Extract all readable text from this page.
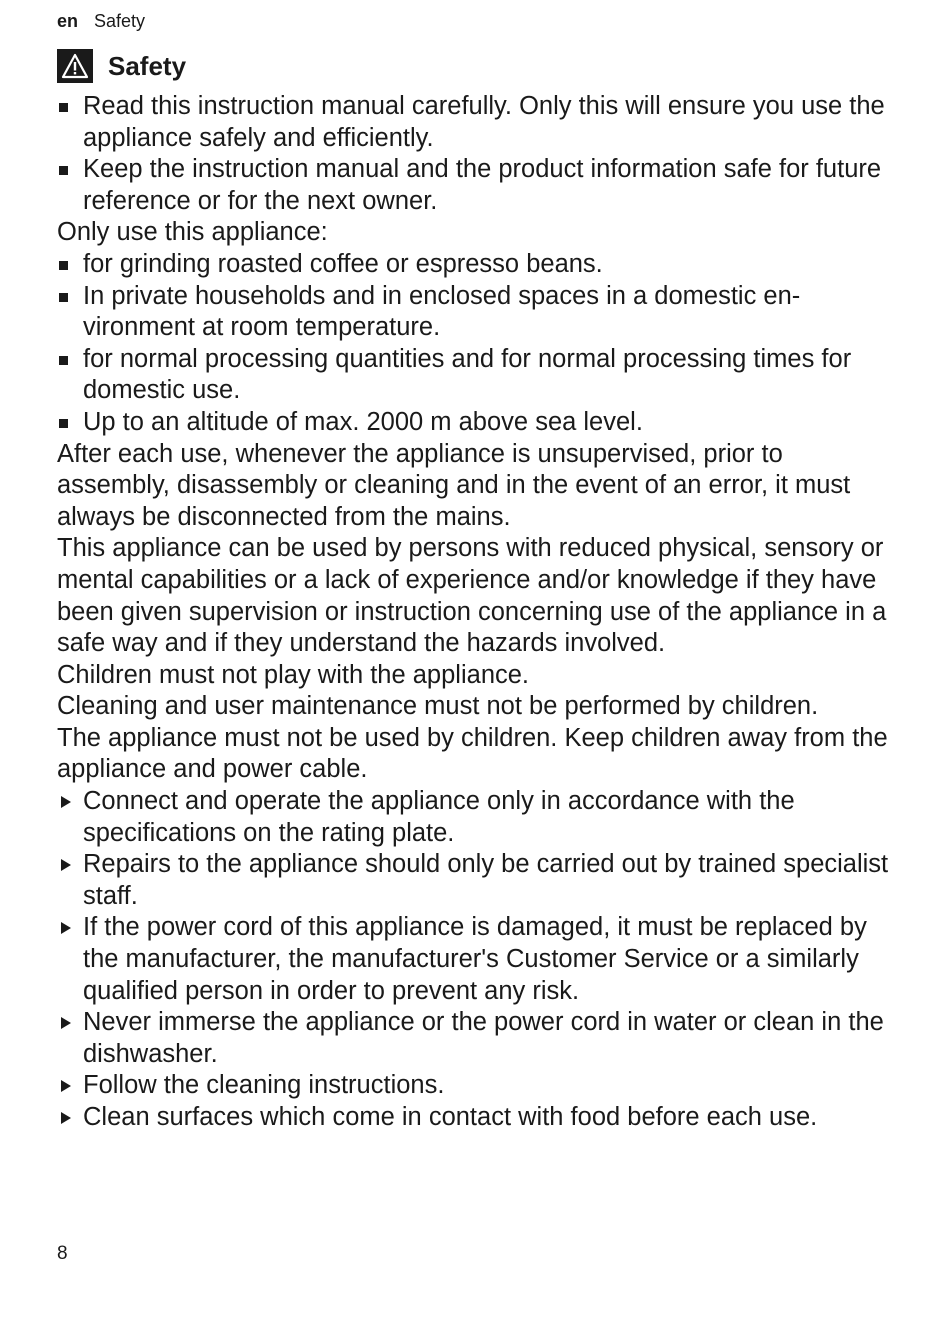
en Safety
Safety

Read this instruction manual carefully. Only this will ensure you use the appliance safely and efficiently.

Keep the instruction manual and the product information safe for future reference or for the next owner.

Only use this appliance:

for grinding roasted coffee or espresso beans.

In private households and in enclosed spaces in a domestic environment at room temperature.

for normal processing quantities and for normal processing times for domestic use.

Up to an altitude of max. 2000 m above sea level.

After each use, whenever the appliance is unsupervised, prior to assembly, disassembly or cleaning and in the event of an error, it must always be disconnected from the mains.

This appliance can be used by persons with reduced physical, sensory or mental capabilities or a lack of experience and/or knowledge if they have been given supervision or instruction concerning use of the appliance in a safe way and if they understand the hazards involved.

Children must not play with the appliance.

Cleaning and user maintenance must not be performed by children.

The appliance must not be used by children. Keep children away from the appliance and power cable.

Connect and operate the appliance only in accordance with the specifications on the rating plate.

Repairs to the appliance should only be carried out by trained specialist staff.

If the power cord of this appliance is damaged, it must be replaced by the manufacturer, the manufacturer's Customer Service or a similarly qualified person in order to prevent any risk.

Never immerse the appliance or the power cord in water or clean in the dishwasher.

Follow the cleaning instructions.

Clean surfaces which come in contact with food before each use.

8
